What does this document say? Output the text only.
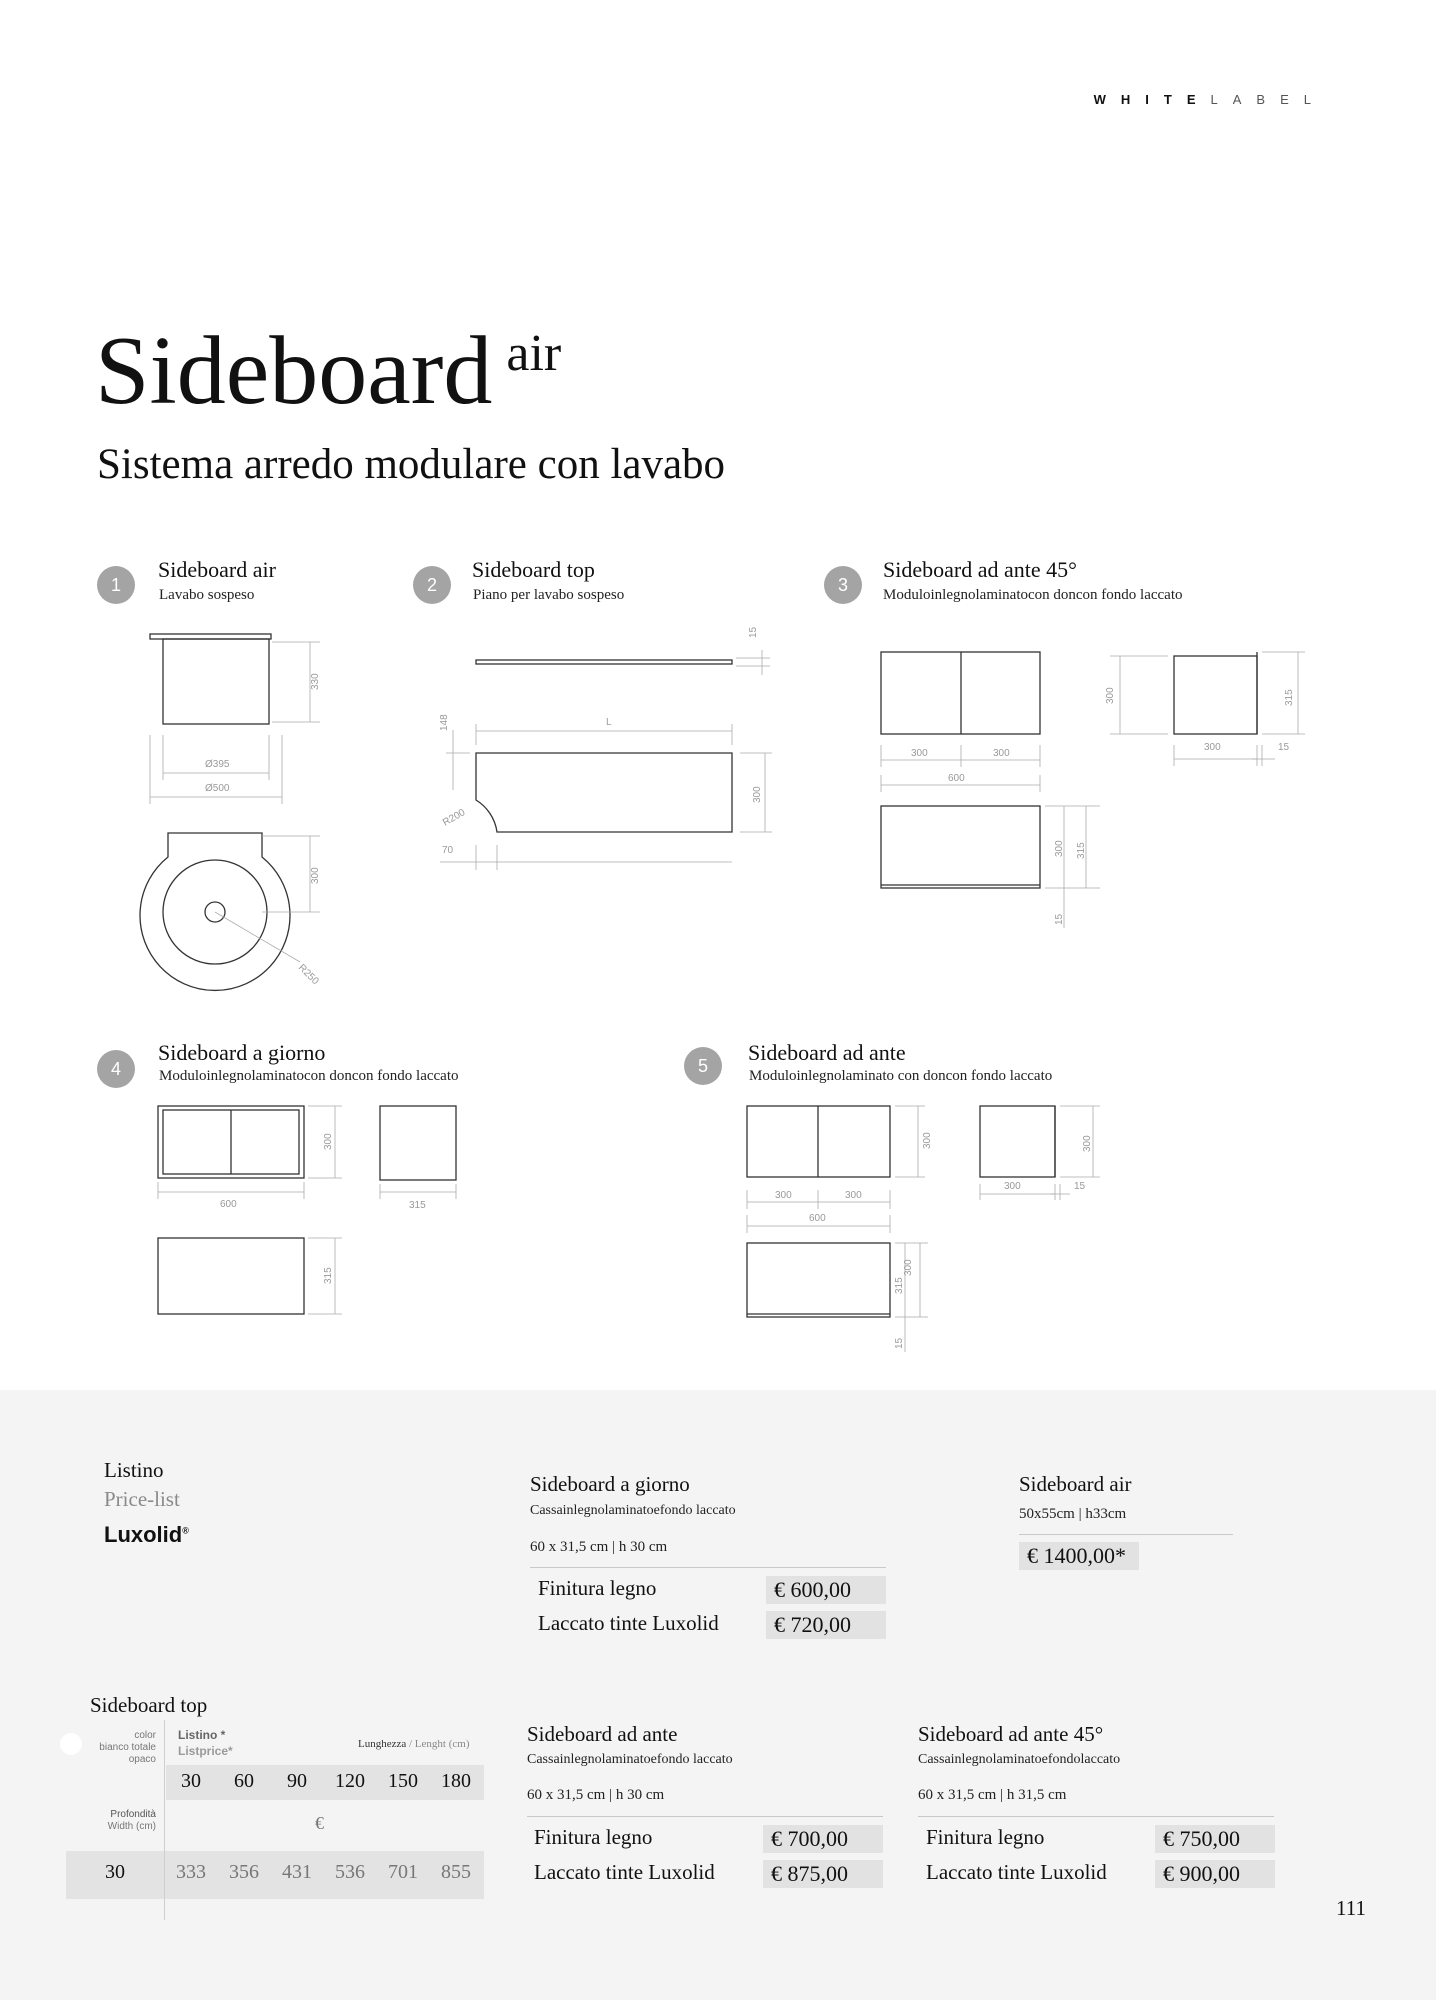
WHITELABEL
Sideboard $^{air}$
Sistema arredo modulare con lavabo
1
Sideboard air
Lavabo sospeso	2
Sideboard top
Piano per lavabo sospeso	3
Sideboard ad ante 45°
Moduloinlegnolaminatocon doncon fondo laccato
4
Sideboard a giorno
Moduloinlegnolaminatocon doncon fondo laccato	5
Sideboard ad ante
Moduloinlegnolaminato con doncon fondo laccato
330
Ø395
Ø500
300
R250
15
L
148
R200
300
70
300	300
600
300	315
300	15
300 315
15
600
300
315
315
300	300
600
300	300
300	15
315
300
15
Listino
Price-list
Luxolid®
Sideboard a giorno
Cassainlegnolaminatoefondo laccato
60 x 31,5 cm | h 30 cm
Finitura legno	€ 600,00
Laccato tinte Luxolid	€ 720,00
Sideboard air
50x55cm | h33cm
€ 1400,00*
Sideboard top
color
bianco totale
opaco
Listino *
Listprice*	Lunghezza / Lenght (cm)
30	60	90	120	150	180
Profondità
Width (cm)	€
30	333	356	431	536	701	855
Sideboard ad ante
Cassainlegnolaminatoefondo laccato
60 x 31,5 cm | h 30 cm
Finitura legno	€ 700,00
Laccato tinte Luxolid	€ 875,00
Sideboard ad ante 45°
Cassainlegnolaminatoefondolaccato
60 x 31,5 cm | h 31,5 cm
Finitura legno	€ 750,00
Laccato tinte Luxolid	€ 900,00
111
